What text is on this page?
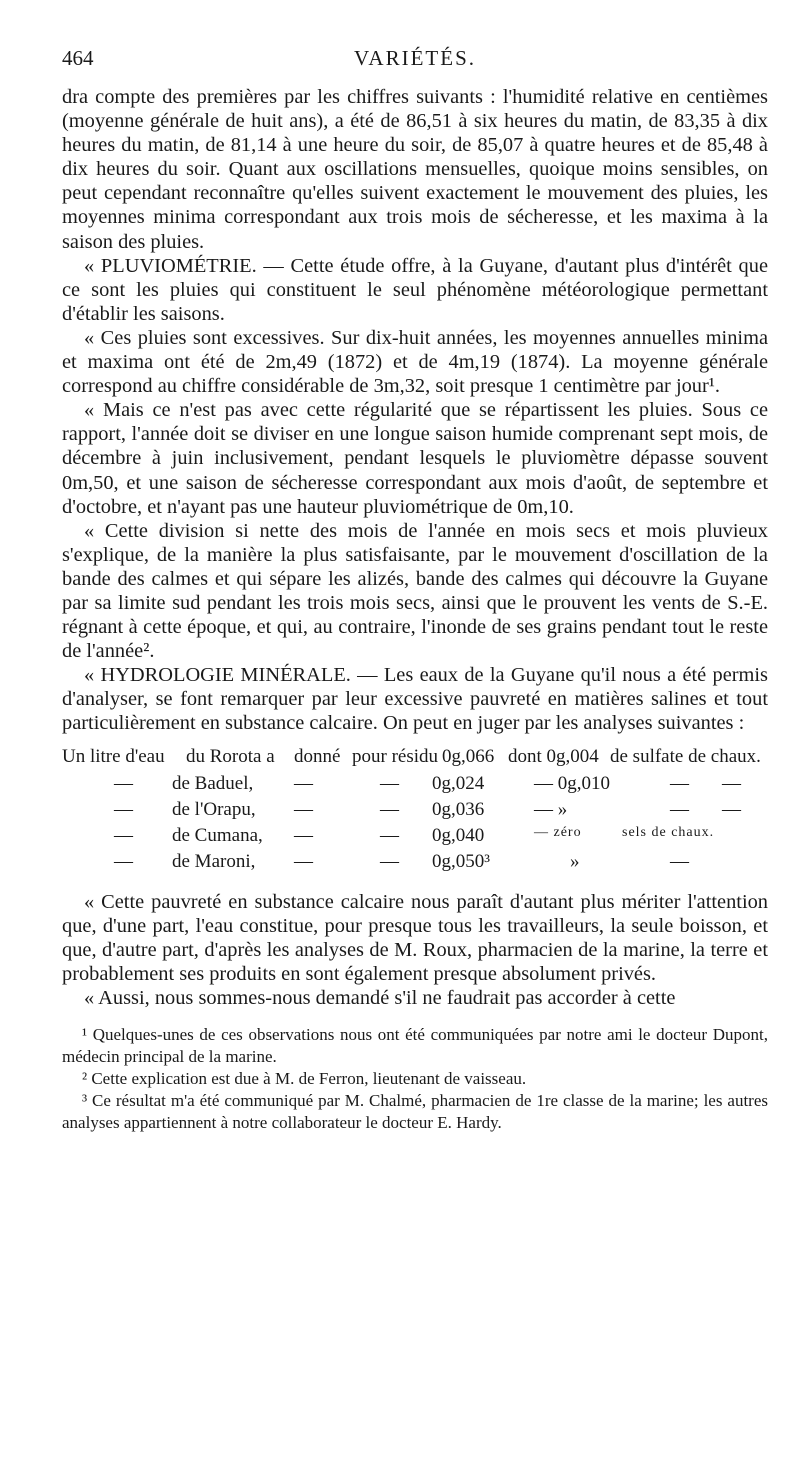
464	VARIÉTÉS.

dra compte des premières par les chiffres suivants : l'humidité relative en centièmes (moyenne générale de huit ans), a été de 86,51 à six heures du matin, de 83,35 à dix heures du matin, de 81,14 à une heure du soir, de 85,07 à quatre heures et de 85,48 à dix heures du soir. Quant aux oscillations mensuelles, quoique moins sensibles, on peut cependant reconnaître qu'elles suivent exactement le mouvement des pluies, les moyennes minima correspondant aux trois mois de sécheresse, et les maxima à la saison des pluies.

« PLUVIOMÉTRIE. — Cette étude offre, à la Guyane, d'autant plus d'intérêt que ce sont les pluies qui constituent le seul phénomène météorologique permettant d'établir les saisons.

« Ces pluies sont excessives. Sur dix-huit années, les moyennes annuelles minima et maxima ont été de 2m,49 (1872) et de 4m,19 (1874). La moyenne générale correspond au chiffre considérable de 3m,32, soit presque 1 centimètre par jour¹.

« Mais ce n'est pas avec cette régularité que se répartissent les pluies. Sous ce rapport, l'année doit se diviser en une longue saison humide comprenant sept mois, de décembre à juin inclusivement, pendant lesquels le pluviomètre dépasse souvent 0m,50, et une saison de sécheresse correspondant aux mois d'août, de septembre et d'octobre, et n'ayant pas une hauteur pluviométrique de 0m,10.

« Cette division si nette des mois de l'année en mois secs et mois pluvieux s'explique, de la manière la plus satisfaisante, par le mouvement d'oscillation de la bande des calmes et qui sépare les alizés, bande des calmes qui découvre la Guyane par sa limite sud pendant les trois mois secs, ainsi que le prouvent les vents de S.-E. régnant à cette époque, et qui, au contraire, l'inonde de ses grains pendant tout le reste de l'année².

« HYDROLOGIE MINÉRALE. — Les eaux de la Guyane qu'il nous a été permis d'analyser, se font remarquer par leur excessive pauvreté en matières salines et tout particulièrement en substance calcaire. On peut en juger par les analyses suivantes :

Un litre d'eau du Rorota a donné pour résidu 0g,066 dont 0g,004 de sulfate de chaux.
— de Baduel, —	— 0g,024	— 0g,010	— —
— de l'Orapu, —	— 0g,036	— »	— —
— de Cumana, —	— 0g,040	— zéro	sels de chaux.
— de Maroni, —	— 0g,050³	»	—

« Cette pauvreté en substance calcaire nous paraît d'autant plus mériter l'attention que, d'une part, l'eau constitue, pour presque tous les travailleurs, la seule boisson, et que, d'autre part, d'après les analyses de M. Roux, pharmacien de la marine, la terre et probablement ses produits en sont également presque absolument privés.

« Aussi, nous sommes-nous demandé s'il ne faudrait pas accorder à cette

¹ Quelques-unes de ces observations nous ont été communiquées par notre ami le docteur Dupont, médecin principal de la marine.

² Cette explication est due à M. de Ferron, lieutenant de vaisseau.

³ Ce résultat m'a été communiqué par M. Chalmé, pharmacien de 1re classe de la marine; les autres analyses appartiennent à notre collaborateur le docteur E. Hardy.
